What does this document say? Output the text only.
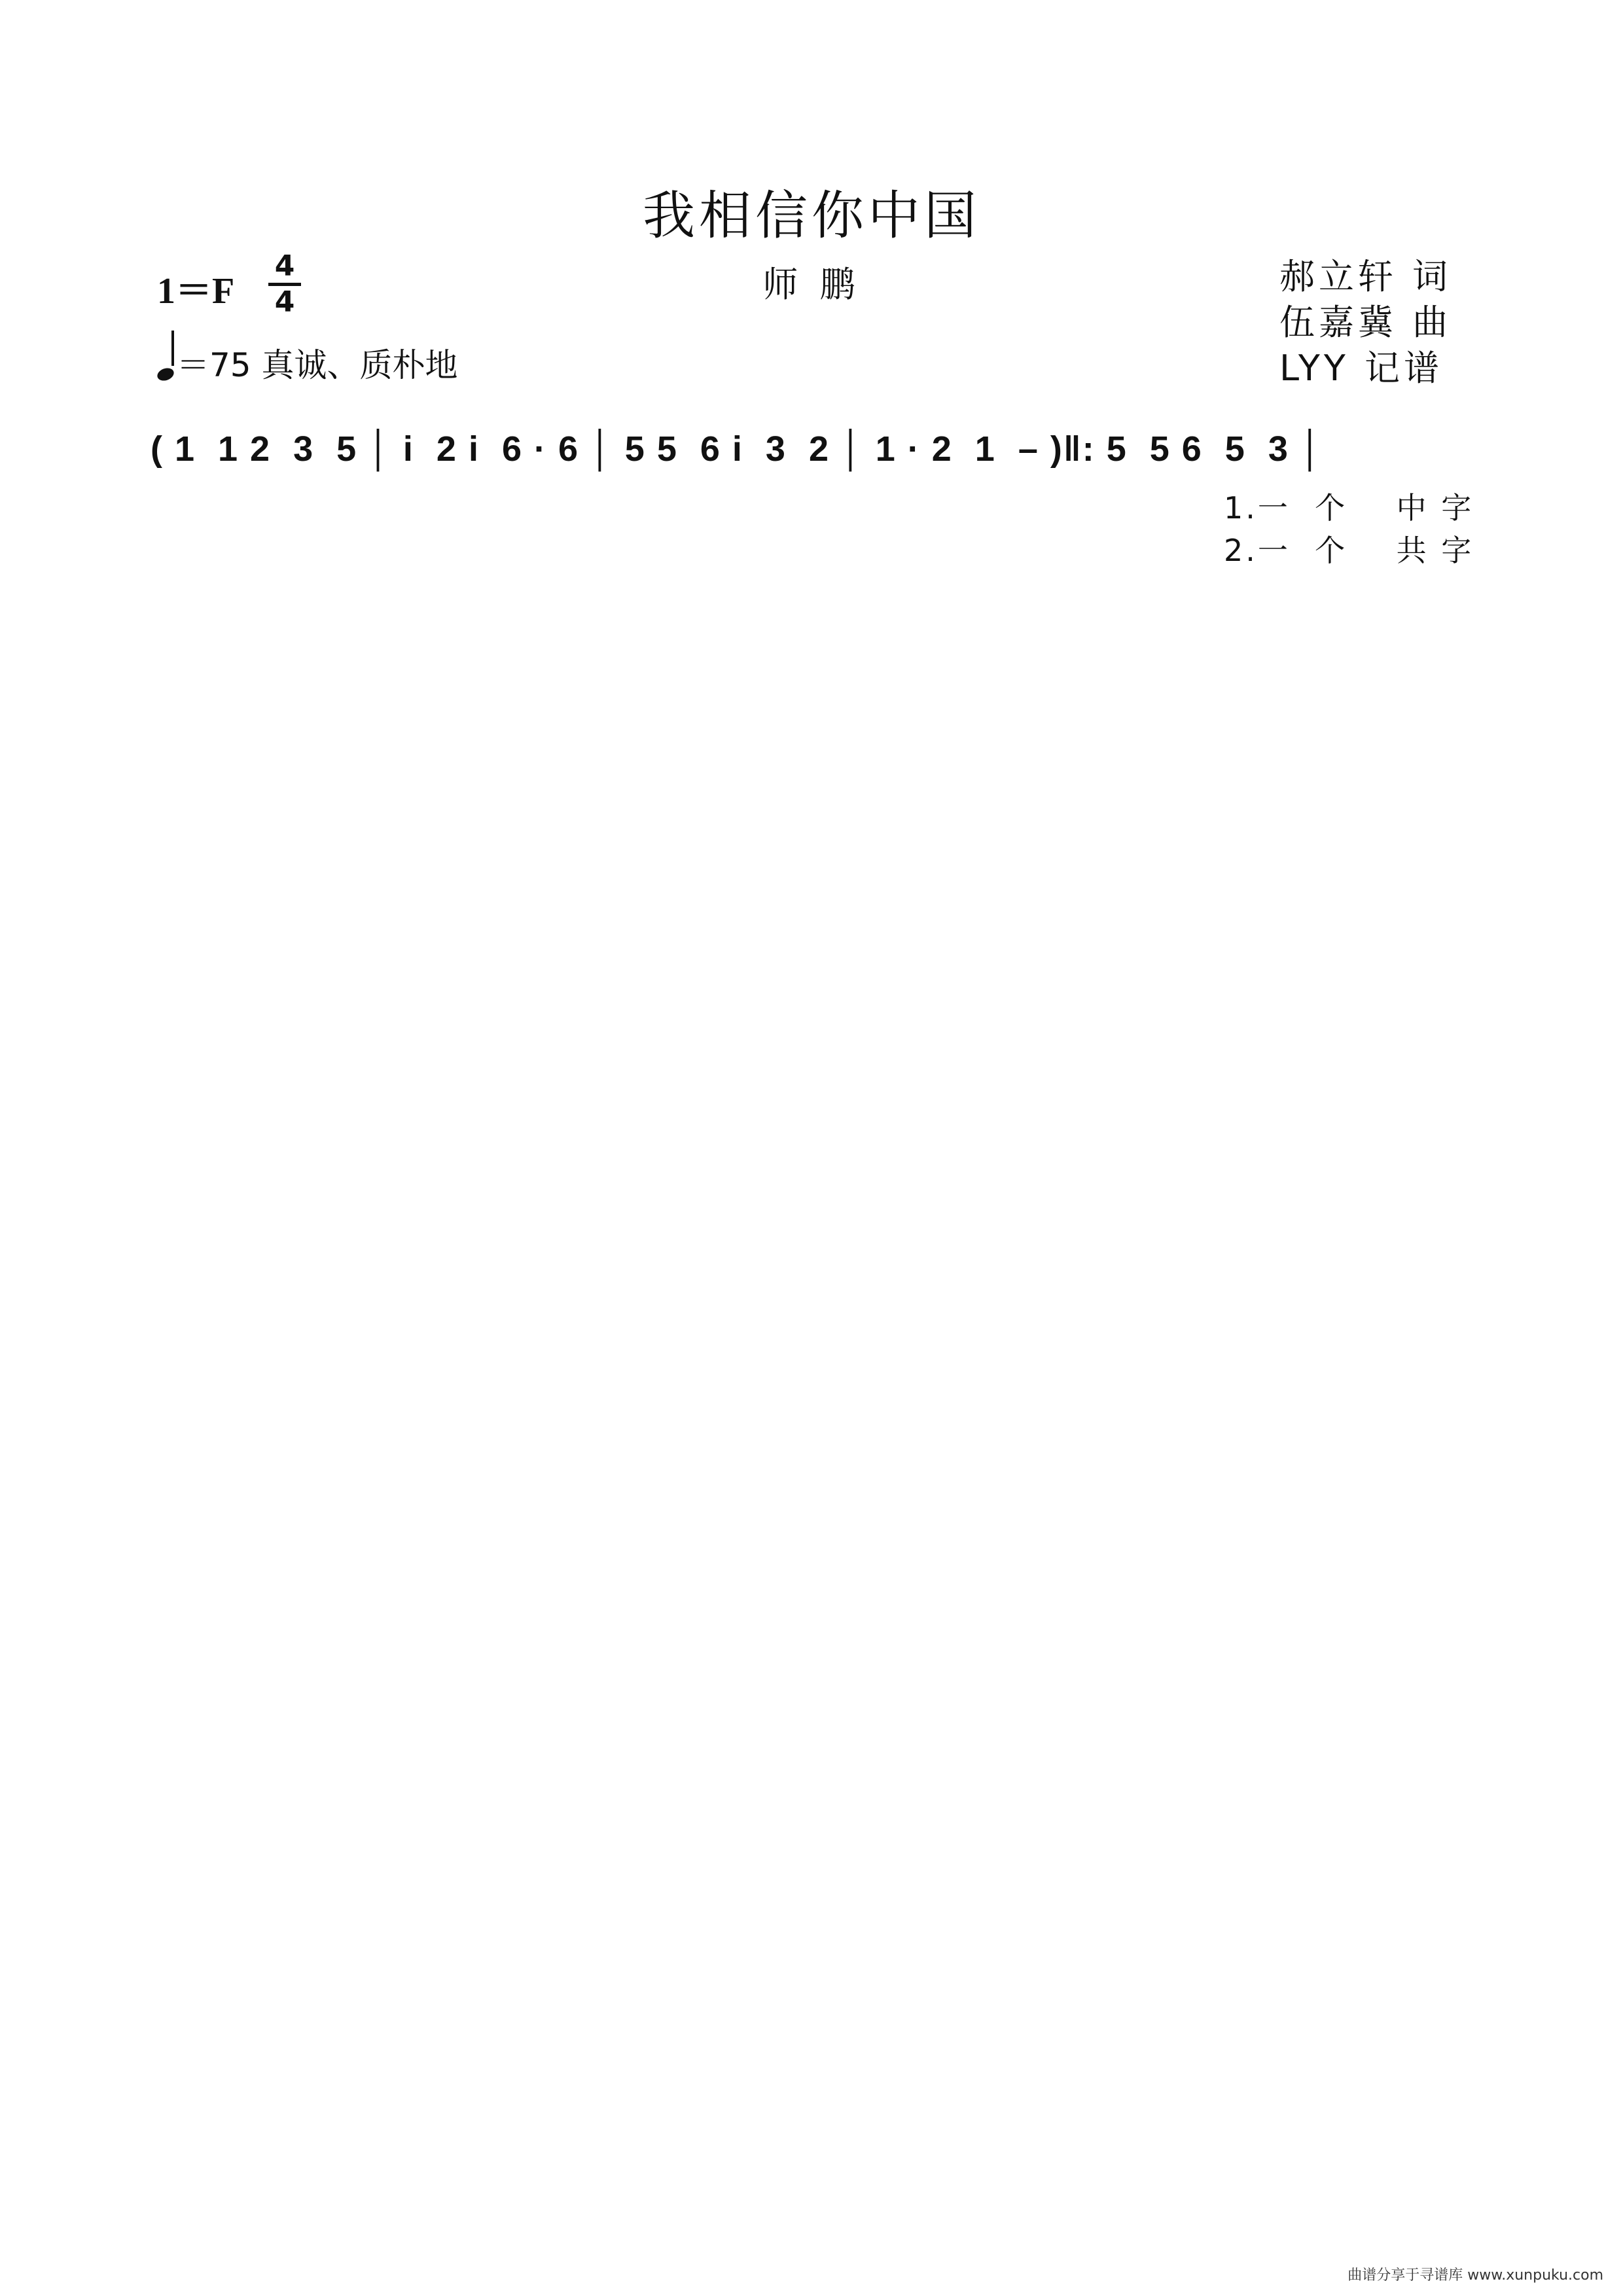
我相信你中国
师 鹏
1＝F
4
4
＝75 真诚、质朴地
郝立轩 词
伍嘉冀 曲
LYY 记谱
( 1  1 2  3  5 │ i  2 i  6 · 6 │ 5 5  6 i  3  2 │ 1 · 2  1  – )‖: 5  5 6  5  3 │
1.一  个    中 字
2.一  个    共 字
曲谱分享于寻谱库 www.xunpuku.com
